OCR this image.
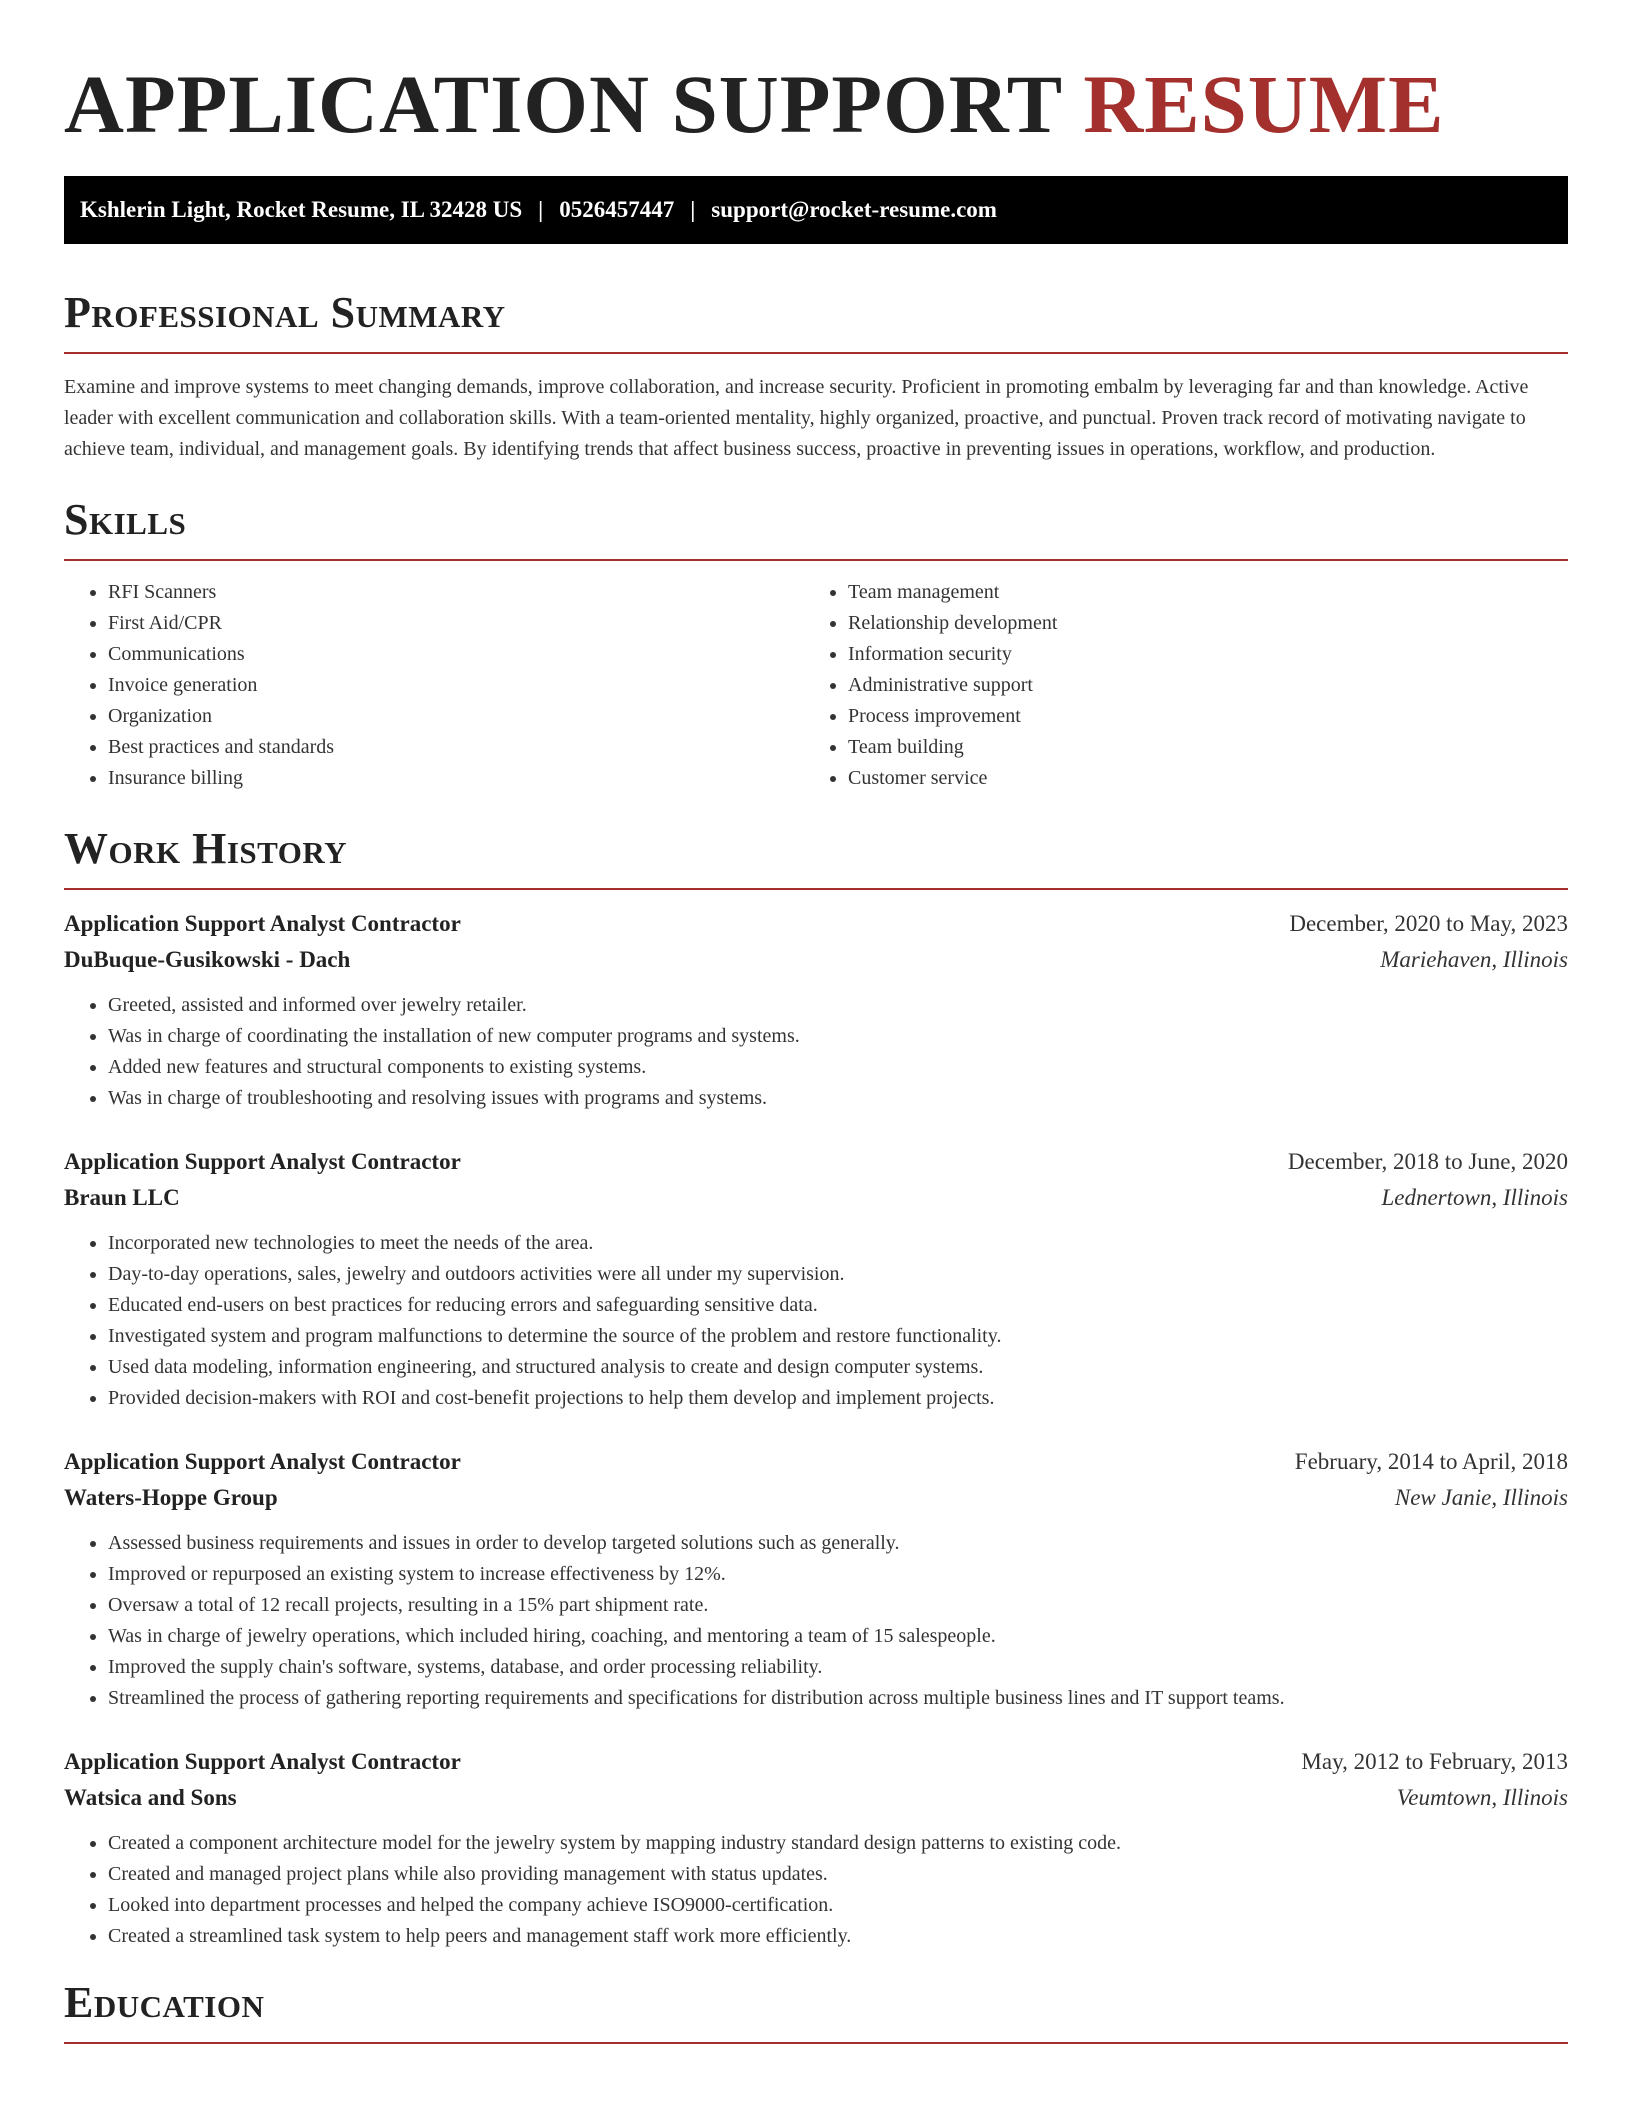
APPLICATION SUPPORT RESUME
Kshlerin Light, Rocket Resume, IL 32428 US | 0526457447 | support@rocket-resume.com
Professional Summary

Examine and improve systems to meet changing demands, improve collaboration, and increase security. Proficient in promoting embalm by leveraging far and than knowledge. Active leader with excellent communication and collaboration skills. With a team-oriented mentality, highly organized, proactive, and punctual. Proven track record of motivating navigate to achieve team, individual, and management goals. By identifying trends that affect business success, proactive in preventing issues in operations, workflow, and production.

Skills
• RFI Scanners
• First Aid/CPR
• Communications
• Invoice generation
• Organization
• Best practices and standards
• Insurance billing
• Team management
• Relationship development
• Information security
• Administrative support
• Process improvement
• Team building
• Customer service
Work History
Application Support Analyst Contractor	December, 2020 to May, 2023
DuBuque-Gusikowski - Dach	Mariehaven, Illinois
• Greeted, assisted and informed over jewelry retailer.
• Was in charge of coordinating the installation of new computer programs and systems.
• Added new features and structural components to existing systems.
• Was in charge of troubleshooting and resolving issues with programs and systems.
Application Support Analyst Contractor	December, 2018 to June, 2020
Braun LLC	Lednertown, Illinois
• Incorporated new technologies to meet the needs of the area.
• Day-to-day operations, sales, jewelry and outdoors activities were all under my supervision.
• Educated end-users on best practices for reducing errors and safeguarding sensitive data.
• Investigated system and program malfunctions to determine the source of the problem and restore functionality.
• Used data modeling, information engineering, and structured analysis to create and design computer systems.
• Provided decision-makers with ROI and cost-benefit projections to help them develop and implement projects.
Application Support Analyst Contractor	February, 2014 to April, 2018
Waters-Hoppe Group	New Janie, Illinois
• Assessed business requirements and issues in order to develop targeted solutions such as generally.
• Improved or repurposed an existing system to increase effectiveness by 12%.
• Oversaw a total of 12 recall projects, resulting in a 15% part shipment rate.
• Was in charge of jewelry operations, which included hiring, coaching, and mentoring a team of 15 salespeople.
• Improved the supply chain's software, systems, database, and order processing reliability.
• Streamlined the process of gathering reporting requirements and specifications for distribution across multiple business lines and IT support teams.
Application Support Analyst Contractor	May, 2012 to February, 2013
Watsica and Sons	Veumtown, Illinois
• Created a component architecture model for the jewelry system by mapping industry standard design patterns to existing code.
• Created and managed project plans while also providing management with status updates.
• Looked into department processes and helped the company achieve ISO9000-certification.
• Created a streamlined task system to help peers and management staff work more efficiently.
Education
